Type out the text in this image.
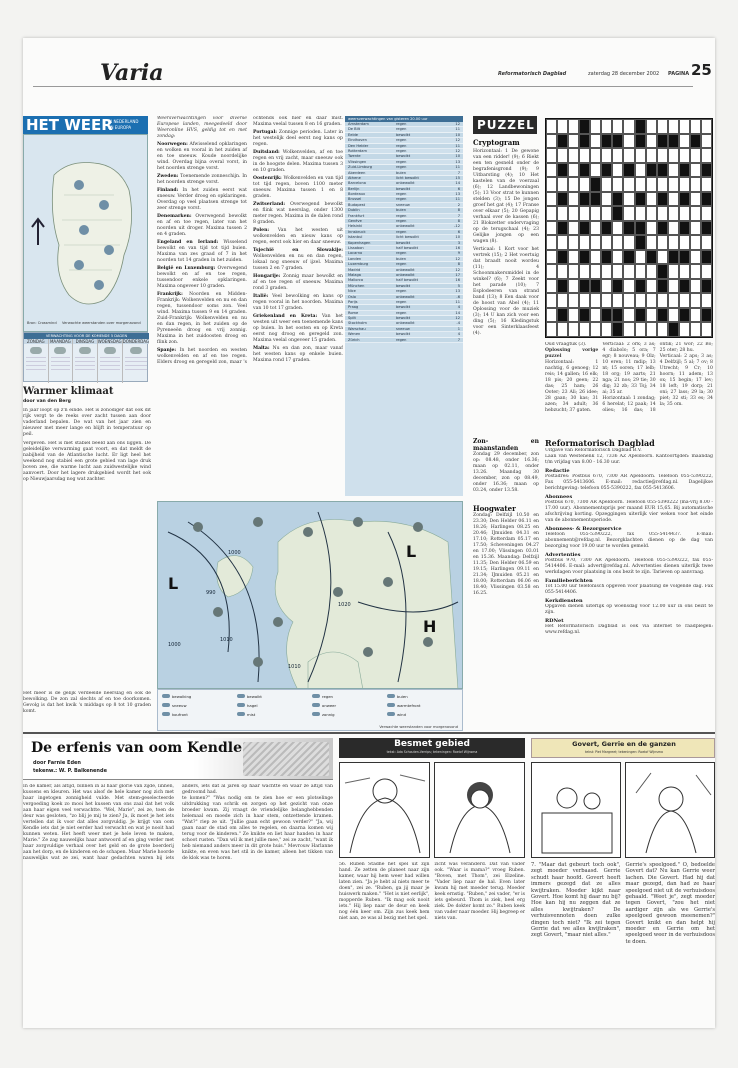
Varia	Reformatorisch Dagblad	zaterdag 28 december 2002 PAGINA 25
HET WEER
IN NEDERLAND
EN EUROPA
Bron: Crossmind Verwachte weerstanden over morgenavond
VERWACHTING VOOR DE KOMENDE 5 DAGEN
ZONDAG	MAANDAG	DINSDAG WOENSDAG DONDERDAG
Warmer klimaat
door van den Berg
In jaar loopt op z'n einde. Het is zonodiger dat ook dit rijk vergt te de reeks over zacht tussen aan door vaderland bepalen. De wat van het jaar zien en nieuwer met meer lange en blijft in temperatuur op peil.
Vergeven. Het is met stabiel beeld aan ons liggen. De geleidelijke verwarming gaat voort, en dat meldt de nabijheid van de Atlantische lucht. Er ligt heel het weekend nog stabiel een grote gebied van lage druk boven zee, die warme lucht aan zuidwestelijke wind aanvoert. Door het lagere drukgebied wordt het ook op Nieuwjaarsdag nog wat zachter.
Het meer is de gelijk verdeelde neerslag en ook de bewolking. De zon zal slechts af en toe doorkomen. Gevolg is dat het kwik 's middags op 8 tot 10 graden komt.
Weersverwachtingen voor diverse Europese landen, meegedeeld door Weeronline HVS, geldig tot en met zondag:
Noorwegen: Afwisselend opklaringen en wolken en vooral in het zuiden af en toe sneeuw. Koude noordelijke wind. Overdag bijna overal vorst, in het noorden strenge vorst.
Zweden: Toenemende zonneschijn. In het noorden strenge vorst.
Finland: In het zuiden eerst wat sneeuw. Verder droog en opklaringen. Overdag op veel plaatsen strenge tot zeer strenge vorst.
Denemarken: Overwegend bewolkt en af en toe regen, later van het noorden uit droger. Maxima tussen 2 en 4 graden.
Engeland en Ierland: Wisselend bewolkt en van tijd tot tijd buien. Maxima van zes graad of 7 in het noorden tot 14 graden in het zuiden.
België en Luxemburg: Overwegend bewolkt en af en toe regen, tussendoor enkele opklaringen. Maxima ongeveer 10 graden.
Frankrijk: Noorden en Midden-Frankrijk: Wolkenvelden en nu en dan regen, tussendoor soms zon. Veel wind. Maxima tussen 9 en 14 graden. Zuid-Frankrijk: Wolkenvelden en nu en dan regen, in het zuiden op de Pyreneeën droog en vrij zonnig. Maxima in het zuidoosten droog en flink zon.
Spanje: In het noorden en westen wolkenvelden en af en toe regen. Elders droog en geregeld zon, maar 's ochtends ook hier en daar mist. Maxima veelal tussen 8 en 16 graden.
Portugal: Zonnige perioden. Later in het westelijk deel eerst nog kans op regen.
Duitsland: Wolkenvelden, af en toe regen en vrij zacht, maar sneeuw ook in de hoogste delen. Maxima tussen 3 en 10 graden.
Oostenrijk: Wolkenvelden en van tijd tot tijd regen, boven 1100 meter sneeuw. Maxima tussen 1 en 8 graden.
Zwitserland: Overwegend bewolkt en flink wat neerslag, onder 1300 meter regen. Maxima in de dalen rond 8 graden.
Polen: Van het westen uit wolkenvelden en nieuw kans op regen, eerst ook hier en daar sneeuw.
Tsjechië en Slowakije: Wolkenvelden en nu en dan regen, lokaal nog sneeuw of ijzel. Maxima tussen 2 en 7 graden.
Hongarije: Zonnig maar bewolkt en af en toe regen of sneeuw. Maxima rond 3 graden.
Italië: Veel bewolking en kans op regen vooral in het noorden. Maxima van 10 tot 17 graden.
Griekenland en Kreta: Van het westen uit weer een toenemende kans op buien. In het oosten en op Kreta eerst nog droog en geregeld zon. Maxima veelal ongeveer 15 graden.
Malta: Nu en dan zon, maar vanaf het westen kans op enkele buien. Maxima rond 17 graden.
weersverwachtingen van gisteren 20.00 uur
Amsterdam	regen	12
De Bilt	regen	11
Eelde	bewolkt	10
Eindhoven	regen	12
Den Helder	regen	11
Rotterdam	regen	12
Twente	bewolkt	10
Vlissingen	regen	13
Zuid-Limburg	regen	11
Aberdeen	buien	7
Athene	licht bewolkt	15
Barcelona	onbewolkt	14
Berlijn	bewolkt	6
Bordeaux	regen	13
Brussel	regen	11
Budapest	sneeuw	2
Dublin	buien	8
Frankfurt	regen	7
Genève	regen	8
Helsinki	onbewolkt	-12
Innsbruck	regen	6
Istanbul	licht bewolkt	10
Kopenhagen	bewolkt	3
Lissabon	half bewolkt	16
Locarno	regen	9
Londen	buien	12
Luxemburg	regen	8
Madrid	onbewolkt	12
Malaga	onbewolkt	17
Mallorca	half bewolkt	16
München	bewolkt	5
Nice	regen	13
Oslo	onbewolkt	-6
Parijs	regen	11
Praag	bewolkt	4
Rome	regen	14
Split	bewolkt	12
Stockholm	onbewolkt	-4
Warschau	sneeuw	1
Wenen	bewolkt	4
Zürich	regen	7
L
L
H
1000
990
1010
1020
1010
1000
bewolking	bewolkt	regen	buien
sneeuw	hagel	onweer	warmtefront
koufront	mist	zonnig	wind
Verwachte weerstanden voor morgenavond
PUZZEL
Cryptogram
Horizontaal: 1 De gewone van een ridder! (9); 6 Riekt een ten gesneld onder de begrafenisgrond (9); 9 Uitbarsting (4); 10 Het kastelen van de voerzaal (6); 12 Landbewoningen (5); 13 Voor strat te kunnen stelden (3); 15 De jongen groef het gat (4); 17 Franse over elkaar (5); 20 Gepapig verhaal over de kassen (6); 21 Blokzetter ondervraging op de terugschaal (4); 23 Gelijke jongen op een wagen (8).
Verticaal: 1 Kort voor het vertrek (15); 2 Het voertuig dat braadt nooit wordeu (11); 4 Schoonmakersmiddel in de winkel? (6); 7 Zeekt voor het parade (10); 7 Esplodeeren van strand band (13); 8 Een daak voor de hoost van Abel (4); 11 Oplossing voor de muziek (3); 14 U kan zich voor een ding (5); 16 Kledingstuk voor een Sinterklaasfeest (4).
Oud vraagtuk (3).
Oplossing vorige puzzel
Horizontaal: 1 nachtig, 6 genoeg; 12 reis; 14 gallen; 16 elk; 18 pis; 20 geen; 22 das; 25 ham; 26 Ooter; 23 Ali; 26 idee; 28 gaan; 30 kas; 31 azen; 34 adult; 36 hebzucht; 37 gaten.
Verticaal: 2 ork; 3 as; 4 diabolo; 5 ora; 7 egr; 8 nouveau; 9 Olz; 10 eren; 11 mdip; 13 nt; 15 ooren; 17 lelb; 18 org; 19 aarts; 21 nga; 21 nos; 29 tie; 30 dig; 32 zb; 33 Tsj; 34 ai; 35 ar.
Horizontaal: 1 zondag; 6 herelat; 12 paak; 14 olieu; 16 das; 18 ontik; 21 wor; 22 Bo; 25 oter; 28 hu.
Verticaal: 2 aps; 3 as; 4 Delfzijl; 5 al; 7 ov; 8 Utrecht; 9 Cr; 10 hoorn; 11 adem; 13 ox; 15 begin; 17 lev; 18 left; 19 dorp; 21 oni; 27 lass; 29 la; 30 piet; 32 sti; 33 es; 34 la; 35 om.
Zon- en maanstanden
Zondag 29 december, zon op: 08.48, onder 16.36; maan op 02.11, onder 13.26. Maandag 30 december, zon op 08.49, onder 16.36; maan op 03.24, onder 13.58.
Hoogwater
Zondag: Delfzijl 10.50 en 23.30; Den Helder 06.11 en 18.26; Harlingen 08.25 en 20.46; IJmuiden 04.31 en 17.10; Rotterdam 05.17 en 17.50; Scheveningen 04.27 en 17.00; Vlissingen 03.01 en 15.36. Maandag: Delfzijl 11.35; Den Helder 06.59 en 19.15; Harlingen 09.11 en 21.34; IJmuiden 05.21 en 18.00; Rotterdam 06.06 en 18.40; Vlissingen 03.58 en 16.25.
Reformatorisch Dagblad
Uitgave van Reformatorisch Dagblad B.V.
Laan van Westenenk 12, 7336 AZ Apeldoorn. Kantoortijden: maandag t/m vrijdag van 8.00 - 16.30 uur.
Redactie
Postadres: Postbus 670, 7300 AR Apeldoorn. Telefoon 055-5390222, Fax 055-5413606. E-mail: redactie@refdag.nl. Dagelijkse berichtgeving: telefoon 055-5390222, fax 055-5413606.
Abonnees
Postbus 670, 7300 AR Apeldoorn. Telefoon 055-5390222 (ma-vrij 8.00 - 17.00 uur). Abonnementsprijs per maand EUR 15,65. Bij automatische afschrijving korting. Opzeggingen uiterlijk vier weken voor het einde van de abonnementsperiode.
Abonnees- & Bezorgservice
Telefoon 055-5390222, fax 055-5414437. E-mail: abonnement@refdag.nl. Bezorgklachten dienen op de dag van bezorging voor 19.00 uur te worden gemeld.
Advertenties
Postbus 970, 7300 AR Apeldoorn. Telefoon 055-5390222, fax 055-5414406. E-mail: advert@refdag.nl. Advertenties dienen uiterlijk twee werkdagen voor plaatsing in ons bezit te zijn. Tarieven op aanvraag.
Familieberichten
Tot 15.00 uur telefonisch opgeven voor plaatsing de volgende dag. Fax 055-5414406.
Kerkdiensten
Opgaven dienen uiterlijk op woensdag voor 12.00 uur in ons bezit te zijn.
RDNet
Het Reformatorisch Dagblad is ook via internet te raadplegen: www.refdag.nl.
De erfenis van oom Kendle
door Farnie Eden
tekenw.: W. P. Balkenende
In de kamer, als altijd, binnen in al haar glorie van zijde, linnen, kussens en kleuren. Het was alsof de hele kamer nog zich met haar ingetogen zonnigheid vulde. Met stem-geselecteerde vergoeding koek zo mooi het kussen van ons zaal dat het volk aan haar eigen veel verwachtte. "Wel, Marie", zei ze, toen de deur was gesloten, "zo blij je mij te zien? Ja, ik moet je het iets vertellen dat ik voor dat alles zorgvuldig. Je krijgt van oom Kendle iets dat je niet eerder had verwacht en wat je nooit had kunnen weten. Het heeft weer met je hele leven te maken, Marie." Ze zag nauwelijks haar antwoord af en ging verder met haar zorgvuldige verhaal over het geld en de grote boerderij aan het dorp, en de kinderen en de schapen. Maar Marie hoorde nauwelijks wat ze zei, want haar gedachten waren bij iets anders, iets dat al jaren op haar wachtte en waar ze altijd van gedroomd had.
te komen?" "Was nodig om te zien hoe er een plotselinge uitdrukking van schrik en zorgen op het gezicht van onze broeder kwam. Zij vraagt de vriendelijke belanghebbenden helemaal en moede zich in haar stem, ontzettende kramen. "Wat?" riep ze uit. "Jullie gaan echt gewoon verder?" "Ja, wij gaan naar de stad om alles te regelen, en daarna komen wij terug voor de kinderen." Ze knikte en liet haar handen in haar schoot rusten. "Dan wil ik met jullie mee," zei ze zacht, "want ik heb niemand anders meer in dit grote huis." Mevrouw Harlanne knikte, en even was het stil in de kamer, alleen het tikken van de klok was te horen.
Besmet gebied
tekst: Ada Schouten-Verrips; tekeningen: Roelof Wijnsma
56. Ruben Stadhe het spel uit zijn hand. Ze zetten de planeet naar zijn kamer, waar hij hem weer had willen laten zien. "Ja je hebt al niets meer te doen", zei ze. "Ruben, ga jij maar je huiswerk maken." "Het is niet eerlijk", mopperde Ruben. "Ik mag ook nooit iets." Hij liep naar de deur en keek nog één keer om. Zijn zus keek hem niet aan, ze was al bezig met het spel.
zicht was veranderd. Dat van vader ook. "Waar is mama?" vroeg Ruben. "Boven, met Thom", zei Elzeline. "Vader liep naar de hal. Even later kwam hij met moeder terug. Moeder keek ernstig. "Ruben," zei vader, "er is iets gebeurd. Thom is ziek, heel erg ziek. De dokter komt zo." Ruben keek van vader naar moeder. Hij begreep er niets van.
Govert, Gerrie en de ganzen
tekst: Piet Margreet; tekeningen: Roelof Wijnsma
7. "Maar dat gebeurt toch ook", zegt moeder verbaasd. Gerrie schudt haar hoofd. Govert heeft immers gezegd dat ze alles kwijtraken. Moeder kijkt naar Govert. Hoe komt hij daar nu bij? Hoe kan hij nu zeggen dat ze alles kwijtraken? De verhuisvennoten doen zulke dingen toch niet? "Ik zei tegen Gerrie dat we alles kwijtraken", zegt Govert, "maar niet alles."
Gerrie's speelgoed." O, bedoelde Govert dat? Nu kan Gerrie weer lachen. Die Govert. Had hij dat maar gezegd, dan had ze haar speelgoed niet uit de verhuisdoos gehaald. "Weet je", zegt moeder tegen Govert, "zou het niet aardiger zijn als we Gerrie's speelgoed gewoon meenemen?" Govert knikt en dan helpt hij moeder en Gerrie om het speelgoed weer in de verhuisdoos te doen.
